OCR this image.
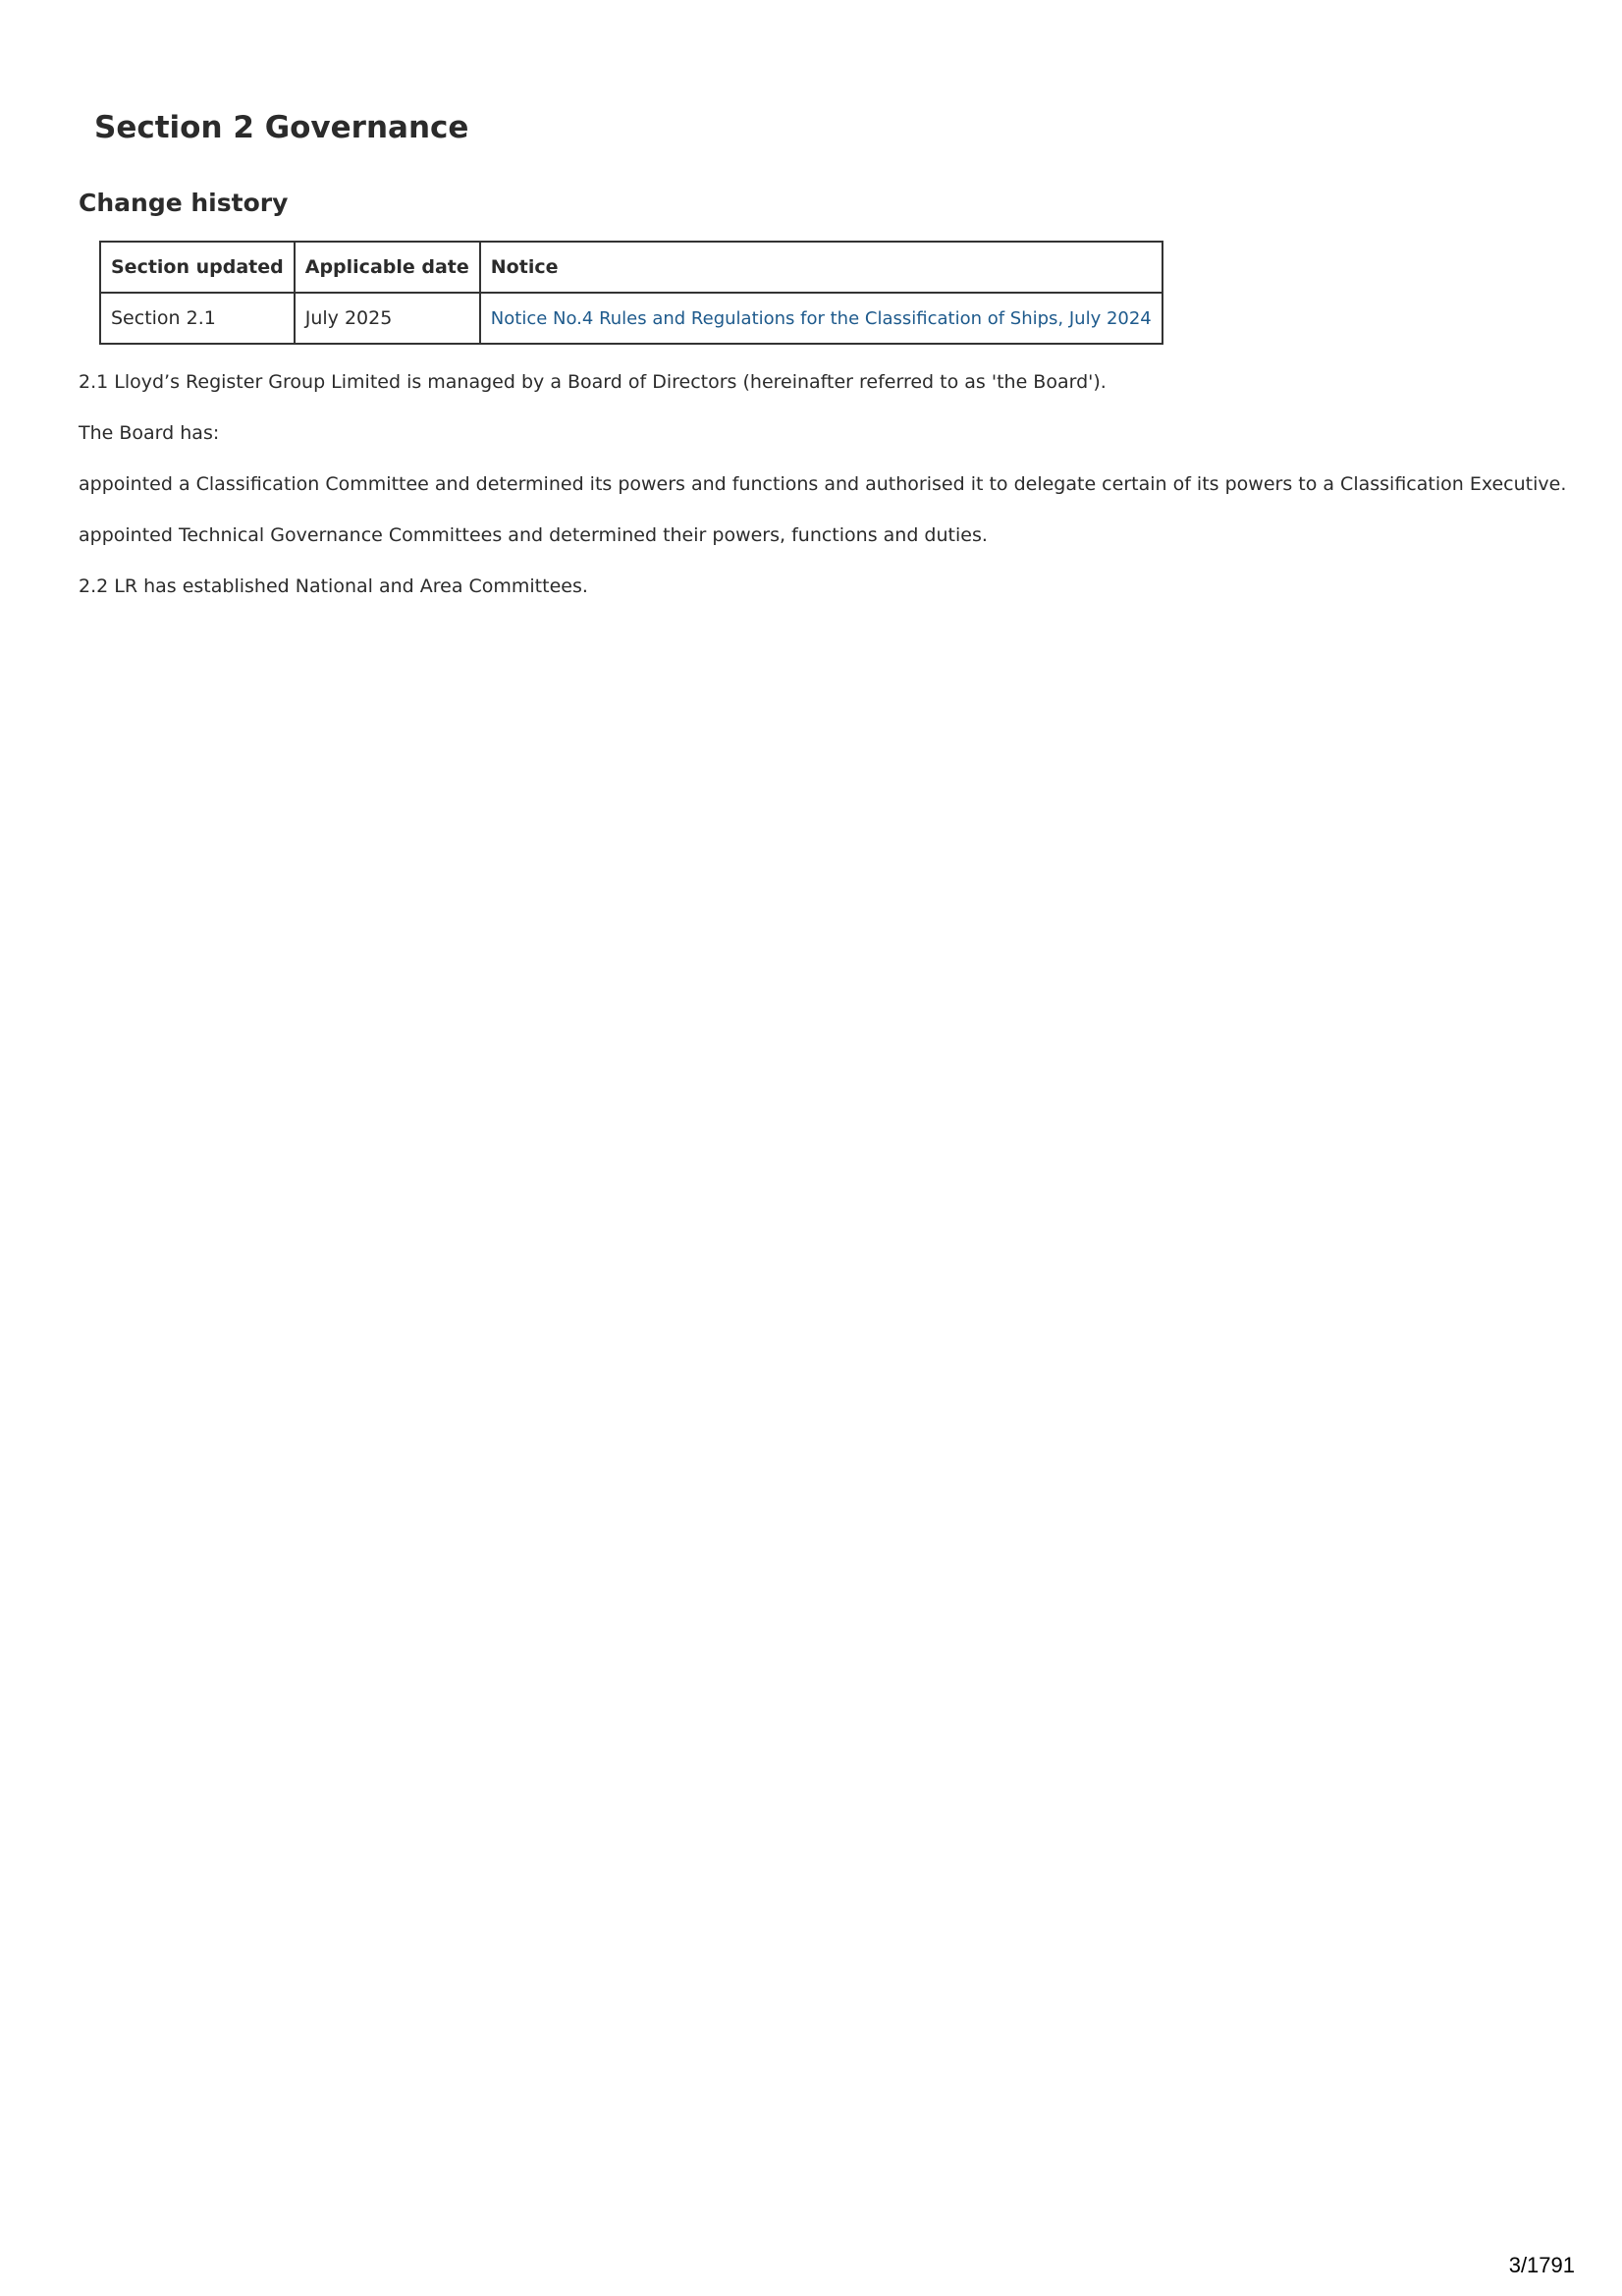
Section 2 Governance
Change history
Section updated	Applicable date	Notice
Section 2.1	July 2025	Notice No.4 Rules and Regulations for the Classification of Ships, July 2024

2.1 Lloyd’s Register Group Limited is managed by a Board of Directors (hereinafter referred to as 'the Board').

The Board has:

appointed a Classification Committee and determined its powers and functions and authorised it to delegate certain of its powers to a Classification Executive.

appointed Technical Governance Committees and determined their powers, functions and duties.

2.2 LR has established National and Area Committees.

3/1791
